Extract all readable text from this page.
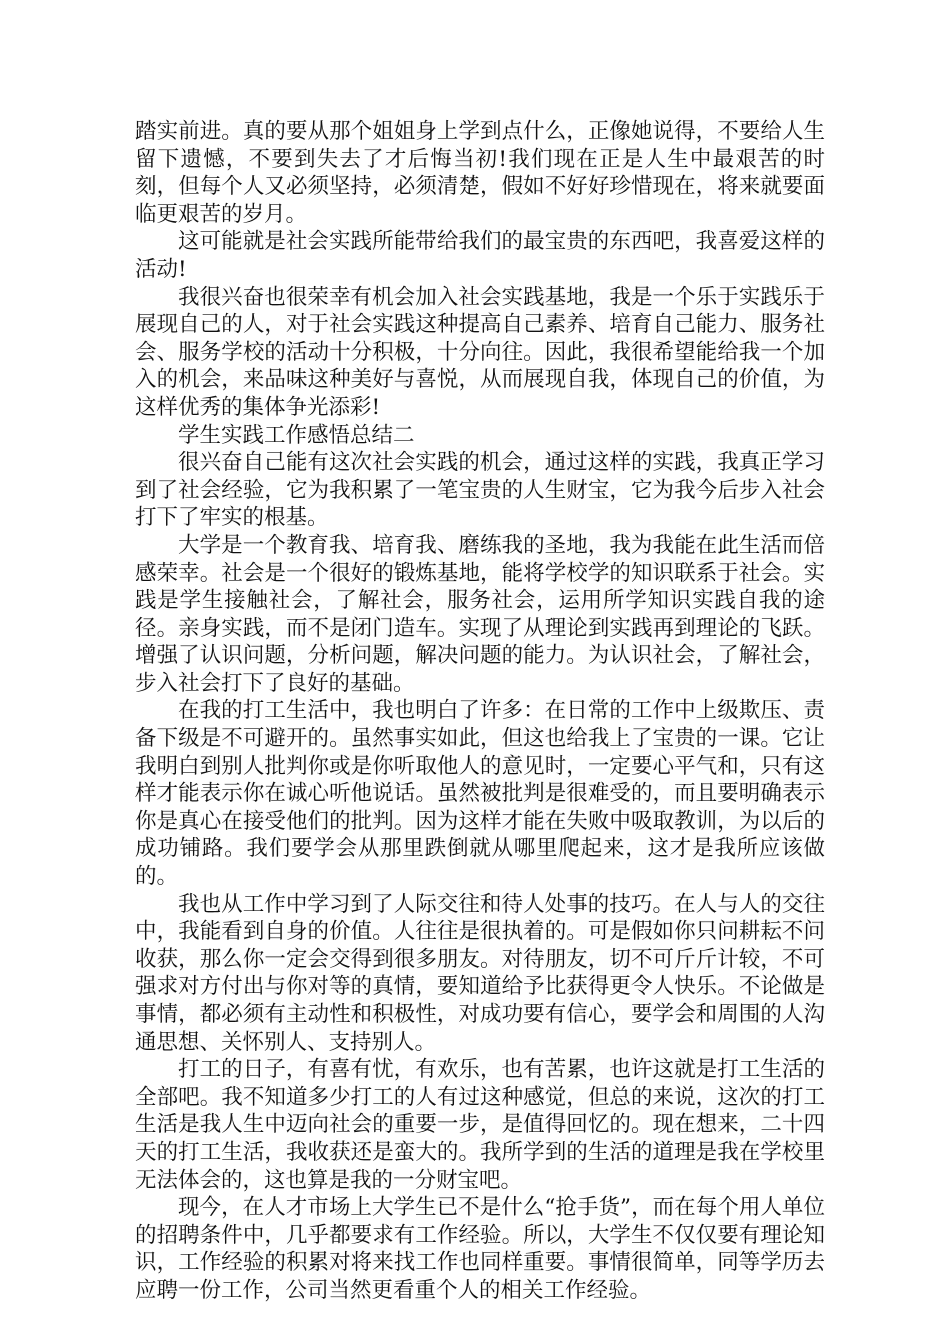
踏实前进。真的要从那个姐姐身上学到点什么，正像她说得，不要给人生留下遗憾，不要到失去了才后悔当初!我们现在正是人生中最艰苦的时刻，但每个人又必须坚持，必须清楚，假如不好好珍惜现在，将来就要面临更艰苦的岁月。

这可能就是社会实践所能带给我们的最宝贵的东西吧，我喜爱这样的活动!

我很兴奋也很荣幸有机会加入社会实践基地，我是一个乐于实践乐于展现自己的人，对于社会实践这种提高自己素养、培育自己能力、服务社会、服务学校的活动十分积极，十分向往。因此，我很希望能给我一个加入的机会，来品味这种美好与喜悦，从而展现自我，体现自己的价值，为这样优秀的集体争光添彩!

学生实践工作感悟总结二

很兴奋自己能有这次社会实践的机会，通过这样的实践，我真正学习到了社会经验，它为我积累了一笔宝贵的人生财宝，它为我今后步入社会打下了牢实的根基。

大学是一个教育我、培育我、磨练我的圣地，我为我能在此生活而倍感荣幸。社会是一个很好的锻炼基地，能将学校学的知识联系于社会。实践是学生接触社会，了解社会，服务社会，运用所学知识实践自我的途径。亲身实践，而不是闭门造车。实现了从理论到实践再到理论的飞跃。增强了认识问题，分析问题，解决问题的能力。为认识社会，了解社会，步入社会打下了良好的基础。

在我的打工生活中，我也明白了许多：在日常的工作中上级欺压、责备下级是不可避开的。虽然事实如此，但这也给我上了宝贵的一课。它让我明白到别人批判你或是你听取他人的意见时，一定要心平气和，只有这样才能表示你在诚心听他说话。虽然被批判是很难受的，而且要明确表示你是真心在接受他们的批判。因为这样才能在失败中吸取教训，为以后的成功铺路。我们要学会从那里跌倒就从哪里爬起来，这才是我所应该做的。

我也从工作中学习到了人际交往和待人处事的技巧。在人与人的交往中，我能看到自身的价值。人往往是很执着的。可是假如你只问耕耘不问收获，那么你一定会交得到很多朋友。对待朋友，切不可斤斤计较，不可强求对方付出与你对等的真情，要知道给予比获得更令人快乐。不论做是事情，都必须有主动性和积极性，对成功要有信心，要学会和周围的人沟通思想、关怀别人、支持别人。

打工的日子，有喜有忧，有欢乐，也有苦累，也许这就是打工生活的全部吧。我不知道多少打工的人有过这种感觉，但总的来说，这次的打工生活是我人生中迈向社会的重要一步，是值得回忆的。现在想来，二十四天的打工生活，我收获还是蛮大的。我所学到的生活的道理是我在学校里无法体会的，这也算是我的一分财宝吧。

现今，在人才市场上大学生已不是什么“抢手货”，而在每个用人单位的招聘条件中，几乎都要求有工作经验。所以，大学生不仅仅要有理论知识，工作经验的积累对将来找工作也同样重要。事情很简单，同等学历去应聘一份工作，公司当然更看重个人的相关工作经验。
